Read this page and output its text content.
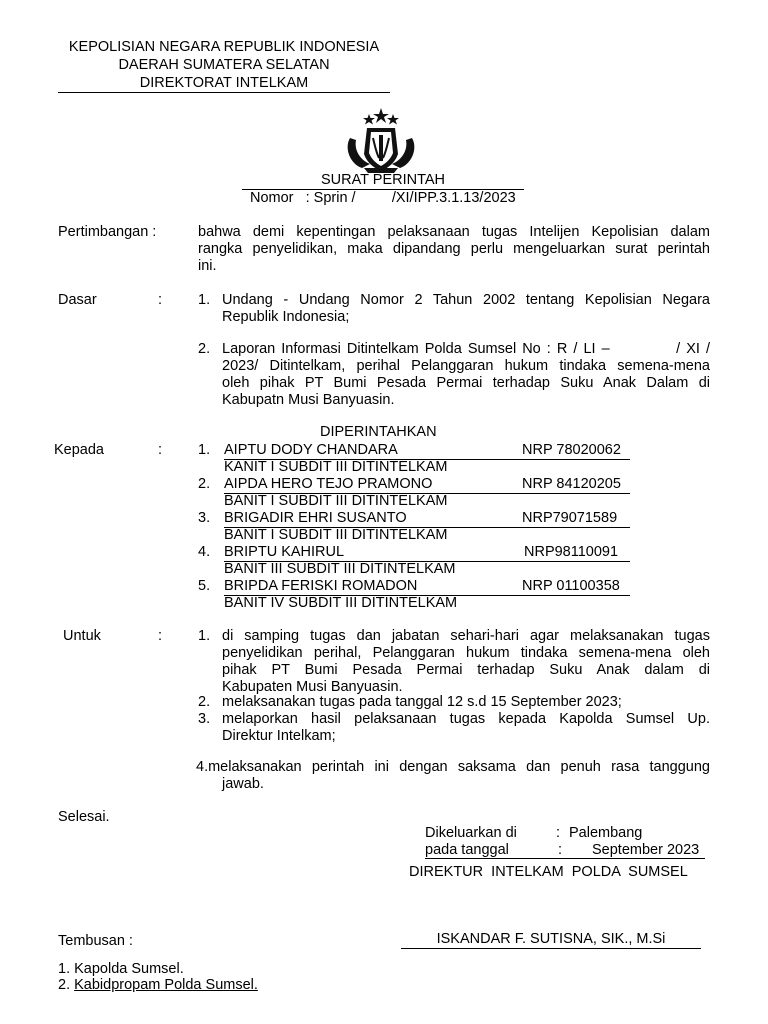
KEPOLISIAN NEGARA REPUBLIK INDONESIA
DAERAH SUMATERA SELATAN
DIREKTORAT INTELKAM
SURAT PERINTAH
Nomor : Sprin /         /XI/IPP.3.1.13/2023
Pertimbangan :	bahwa demi kepentingan pelaksanaan tugas Intelijen Kepolisian dalam
rangka penyelidikan, maka dipandang perlu mengeluarkan surat perintah
ini.
Dasar	: 1. Undang - Undang Nomor 2 Tahun 2002 tentang Kepolisian Negara
Republik Indonesia;
2. Laporan Informasi Ditintelkam Polda Sumsel No : R / LI –           / XI /
2023/ Ditintelkam, perihal Pelanggaran hukum tindaka semena-mena
oleh pihak PT Bumi Pesada Permai terhadap Suku Anak Dalam di
Kabupatn Musi Banyuasin.
DIPERINTAHKAN
Kepada	: 1. AIPTU DODY CHANDARA	NRP 78020062
KANIT I SUBDIT III DITINTELKAM
2. AIPDA HERO TEJO PRAMONO	NRP 84120205
BANIT I SUBDIT III DITINTELKAM
3. BRIGADIR EHRI SUSANTO	NRP79071589
BANIT I SUBDIT III DITINTELKAM
4. BRIPTU KAHIRUL	NRP98110091
BANIT III SUBDIT III DITINTELKAM
5. BRIPDA FERISKI ROMADON	NRP 01100358
BANIT IV SUBDIT III DITINTELKAM
Untuk	: 1. di samping tugas dan jabatan sehari-hari agar melaksanakan tugas
penyelidikan perihal, Pelanggaran hukum tindaka semena-mena oleh
pihak PT Bumi Pesada Permai terhadap Suku Anak dalam di
Kabupaten Musi Banyuasin.
2. melaksanakan tugas pada tanggal 12 s.d 15 September 2023;
3. melaporkan hasil pelaksanaan tugas kepada Kapolda Sumsel Up.
Direktur Intelkam;
4.melaksanakan perintah ini dengan saksama dan penuh rasa tanggung
jawab.
Selesai.
Dikeluarkan di	: Palembang
pada tanggal	: September 2023
DIREKTUR  INTELKAM  POLDA  SUMSEL
ISKANDAR F. SUTISNA, SIK., M.Si
Tembusan :
1. Kapolda Sumsel.
2. Kabidpropam Polda Sumsel.
